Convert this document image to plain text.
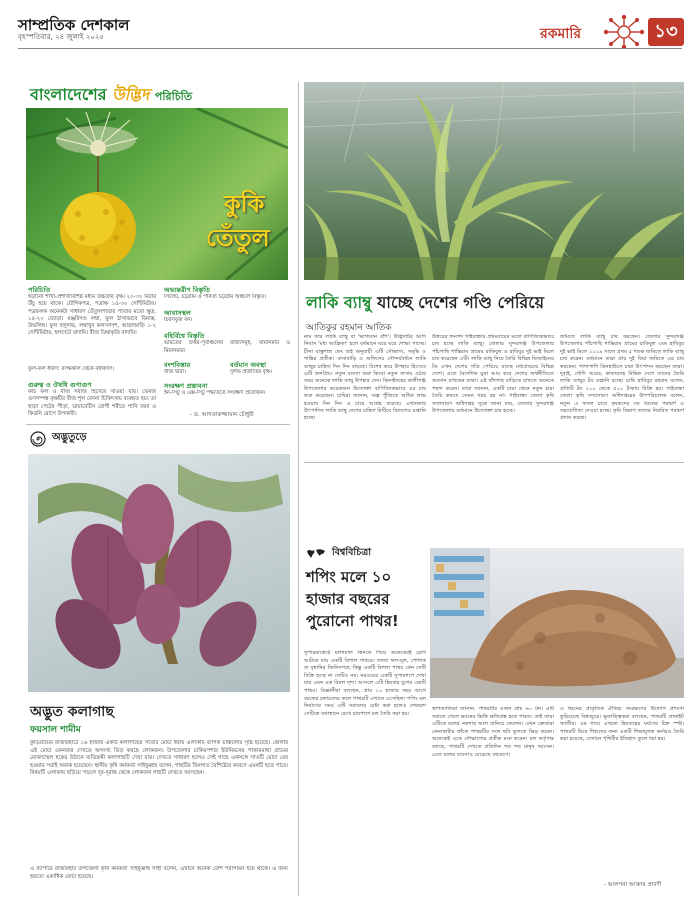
সাম্প্রতিক দেশকাল
বৃহস্পতিবার, ২৪ জুলাই ২০২৫	রকমারি	১৩
বাংলাদেশের উদ্ভিদ পরিচিতি
কুকি
তেঁতুল
পরিচিতি
ছড়ানো শাখা-প্রশাখাবিশিষ্ট মধ্যম উচ্চতার বৃক্ষ। ২০-৩০ মিটার উঁচু হয়ে থাকে। যৌগিকপত্র, পত্রাক্ষ ১৫-৩০ সেন্টিমিটার। পত্রফলক অনেকটা সাধারণ তেঁতুলপাতার পাতার মতো ক্ষুদ্র, ১৫-২০ জোড়া। মঞ্জরিদণ্ড লম্বা, ফুল ঠাসাভাবে বিন্যস্ত, উভলিঙ্গ। ফুল হলুদাভ, লম্বাখুব কলসসদৃশ, আড়াআড়ি ১-২ সেন্টিমিটার, হলদেটে বাদামি। বীজ ডিম্বাকৃতি বাদামি।
ফুল-ফল ধারণ: বসন্তকাল থেকে বর্ষাকাল।
গুরুত্ব ও ঔষধি গুণাগুণ
কচি ফল ও বীজ সবজি হিসেবে খাওয়া যায়। ভেষজ গুণসম্পন্ন বৃক্ষটির বীজ শূল বেদনা চিকিৎসায় ব্যবহৃত হয়। তা ছাড়া পেটের পীড়া, ডায়াবেটিস রোগী শরীরে পানি জমা ও কিডনি রোগে উপকারী।
অভ্যন্তরীণ বিস্তৃতি
সিলেট, চট্টগ্রাম ও পার্বত্য চট্টগ্রাম অঞ্চলে বিস্তৃত।
আবাসস্থল
চিরসবুজ বন।
বহির্বিশ্বে বিস্তৃতি
ভারতের উত্তর-পূর্বাঞ্চলের রাজ্যসমূহ, মায়ানমার ও মিয়ানমার।
বংশবিস্তার
বীজ দ্বারা।
বর্তমান অবস্থা
দুর্লভ প্রজাতির বৃক্ষ।
সংরক্ষণ প্রস্তাবনা
ইন-সিটু ও এক্স-সিটু পদ্ধতিতে সংরক্ষণ প্রয়োজন।
- ড. আখতারুজ্জামান চৌধুরী
অদ্ভুতুড়ে
অদ্ভুত কলাগাছ
ফয়সাল শামীম
কুড়িগ্রামের রাজারহাটে ১৬ হাজার একটি কলাগাছের সাতটি মোচা ধরায় এলাকায় ব্যাপক চাঞ্চল্যের সৃষ্টি হয়েছে। জেলার এই মোচা একনজর দেখতে অসংখ্য ভিড় করছে লোকজন। উপজেলার চাকিরপশার ইউনিয়নের পাকারমাথা গ্রামের মোজাম্মেল হকের উঠানে ব্যতিক্রমী কলাগাছটি দেখা যায়। দেখতে সাধারণ হলেও সেই গাছে একসঙ্গে সাতটি মোচা বের হওয়ায় সবাই অবাক হয়েছেন। স্থানীয় কৃষি কর্মকর্তা সাইফুল্লাহ বলেন, গাছটির জিনগত বৈশিষ্ট্যের কারণে এমনটি হতে পারে। বিষয়টি এলাকায় ছড়িয়ে পড়লে দূর-দূরান্ত থেকে লোকজন গাছটি দেখতে আসছেন।
এ ব্যাপারে রাজারহাট উপজেলা কৃষি কর্মকর্তা সাইফুল্লাহ সাহী বলেন, এখানে অনেক বেশি পরাগায়ন হয়ে থাকে। এ জন্য হয়তো একাধিক মোচা হয়েছে।
লাকি ব্যাম্বু যাচ্ছে দেশের গণ্ডি পেরিয়ে
আতিকুর রহমান আতিক
নাম তার লাকি ব্যাম্বু বা 'ভাগ্যবান বাঁশ'। উদ্ভিদটির আদি নিবাস 'মধ্য আফ্রিকা' হলে বর্তমানে ঘরে ঘরে শোভা পাচ্ছে। চীনা বাস্তুশাস্ত্র ফেং শুই অনুযায়ী এটি সৌভাগ্য, সমৃদ্ধি ও শান্তির প্রতীক। বাসাবাড়ি ও অফিসের সৌন্দর্যবর্ধনে লাকি ব্যাম্বুর চাহিদা দিন দিন বাড়ছে। বিশেষ করে উপহার হিসেবে এটি জনপ্রিয়। নতুন ব্যবসা শুরু কিংবা নতুন বাসায় ওঠার সময় অনেকে লাকি ব্যাম্বু উপহার দেন। ঝিনাইদহের কালীগঞ্জ উপজেলার কয়েকজন উদ্যোক্তা বাণিজ্যিকভাবে এর চাষ শুরু করেছেন। চাষিরা জানান, অল্প পুঁজিতে অধিক লাভ হওয়ায় দিন দিন এ চাষে আগ্রহ বাড়ছে। এখানকার উৎপাদিত লাকি ব্যাম্বু দেশের চাহিদা মিটিয়ে বিদেশেও রপ্তানি হচ্ছে।
উত্তরের জনপদ গাইবান্ধায় প্রথমবারের মতো বাণিজ্যিকভাবে চাষ হচ্ছে লাকি ব্যাম্বু। জেলার সুন্দরগঞ্জ উপজেলার পাঁচগাছি শান্তিরাম গ্রামের রাকিবুল ও হাবিবুর দুই ভাই মিলে চাষ করেছেন এটি। লাকি ব্যাম্বু নিয়ে তৈরি বিভিন্ন ডিজাইনের টব এখন দেশের গণ্ডি পেরিয়ে যাচ্ছে মধ্যপ্রাচ্যের বিভিন্ন দেশে। এতে বৈদেশিক মুদ্রা আয় করে দেশের অর্থনীতিতে অবদান রাখছেন তারা। এই বাঁশগাছ বাড়িতে রাখতে অনেকে পছন্দ করেন। তারা জানান, একটি চারা থেকে নতুন চারা তৈরি করতে তেমন খরচ হয় না। গাইবান্ধা জেলা কৃষি সম্প্রসারণ অধিদপ্তর সূত্রে জানা যায়, জেলার সুন্দরগঞ্জ উপজেলায় বর্তমানে উদ্যোক্তা চাষ হচ্ছে।
জমিতে লাকি ব্যাম্বু চাষ করছেন। জেলার সুন্দরগঞ্জ উপজেলার পাঁচগাছি শান্তিরাম গ্রামের রাকিবুল এবং হাবিবুর দুই ভাই মিলে ২০১৯ সালে প্রথম ৫ শতক জমিতে লাকি ব্যাম্বু চাষ করেন। বর্তমানে তারা প্রায় দুই বিঘা জমিতে এর চাষ করছেন। পাশাপাশি গ্রিনহাউসে চারা উৎপাদন করছেন তারা। দুবাই, সৌদি আরব, কাতারসহ বিভিন্ন দেশে তাদের তৈরি লাকি ব্যাম্বুর টব রপ্তানি হচ্ছে। চাষি হাবিবুর রহমান বলেন, প্রতিটি টব ২০০ থেকে ৫০০ টাকায় বিক্রি হয়। গাইবান্ধা জেলা কৃষি সম্প্রসারণ অধিদপ্তরের উপপরিচালক বলেন, নতুন এ ফসল চাষে কৃষকদের সব ধরনের পরামর্শ ও সহযোগিতা দেওয়া হচ্ছে। কৃষি বিভাগ তাদের নিয়মিত পরামর্শ প্রদান করছে।
বিশ্ববিচিত্রা
শপিং মলে ১০ হাজার বছরের পুরোনো পাথর!
সুপারমার্কেটে মালামাল কিনতে গিয়ে অনেকেরই চোখ আটকে যায় একটি বিশাল পাথরে। তাজা ফল-মূল, পোশাক বা বৃস্থানির জিনিসপত্র; কিন্তু একটি বিশাল পাথর কেন সেটি বিক্রি হচ্ছে না সেটিও নয়। নরওয়ের একটি সুপারশপে দেখা যায় এমন এক বিরল দৃশ্য। আসলে এটি হিমবাহ যুগের একটি পাথর। বিজ্ঞানীরা বলছেন, প্রায় ১০ হাজার বছর আগে বরফের চলাচলের ফলে পাথরটি এখানে এসেছিল। শপিং মল নির্মাণের সময় এটি সরানোর চেষ্টা করা হলেও শেষমেশ সেটিকে যথাস্থানে রেখে চারপাশে মল তৈরি করা হয়।
স্থাপত্যবিদরা জানান, পাথরটির ওজন প্রায় ৬০ টন। এটি সরাতে গেলে ভবনের ভিত্তি ক্ষতিগ্রস্ত হতে পারত। তাই তারা এটিকে মলের নকশার অংশ বানিয়ে ফেলেন। এখন ক্রেতারা কেনাকাটার ফাঁকে পাথরটির সঙ্গে ছবি তুলতে ভিড় করেন। অনেকেই একে সৌভাগ্যের প্রতীক মনে করেন। মল কর্তৃপক্ষ বলছে, পাথরটি দেখতে প্রতিদিন শত শত মানুষ আসেন। এতে মলের ব্যবসাও বেড়েছে বহুগুণে।
এ ধরনের প্রাকৃতিক ঐতিহ্য সংরক্ষণের উদ্যোগ প্রশংসা কুড়িয়েছে বিশ্বজুড়ে। ভূতাত্ত্বিকরা বলছেন, পাথরটি গ্রানাইট জাতীয়। এর গায়ে এখনো হিমবাহের ঘর্ষণের চিহ্ন স্পষ্ট। পাথরটি ঘিরে শিশুদের জন্য একটি শিক্ষামূলক কর্নারও তৈরি করা হয়েছে, যেখানে পৃথিবীর ইতিহাস তুলে ধরা হয়।
- আলপনা আক্তার প্রাবণী
